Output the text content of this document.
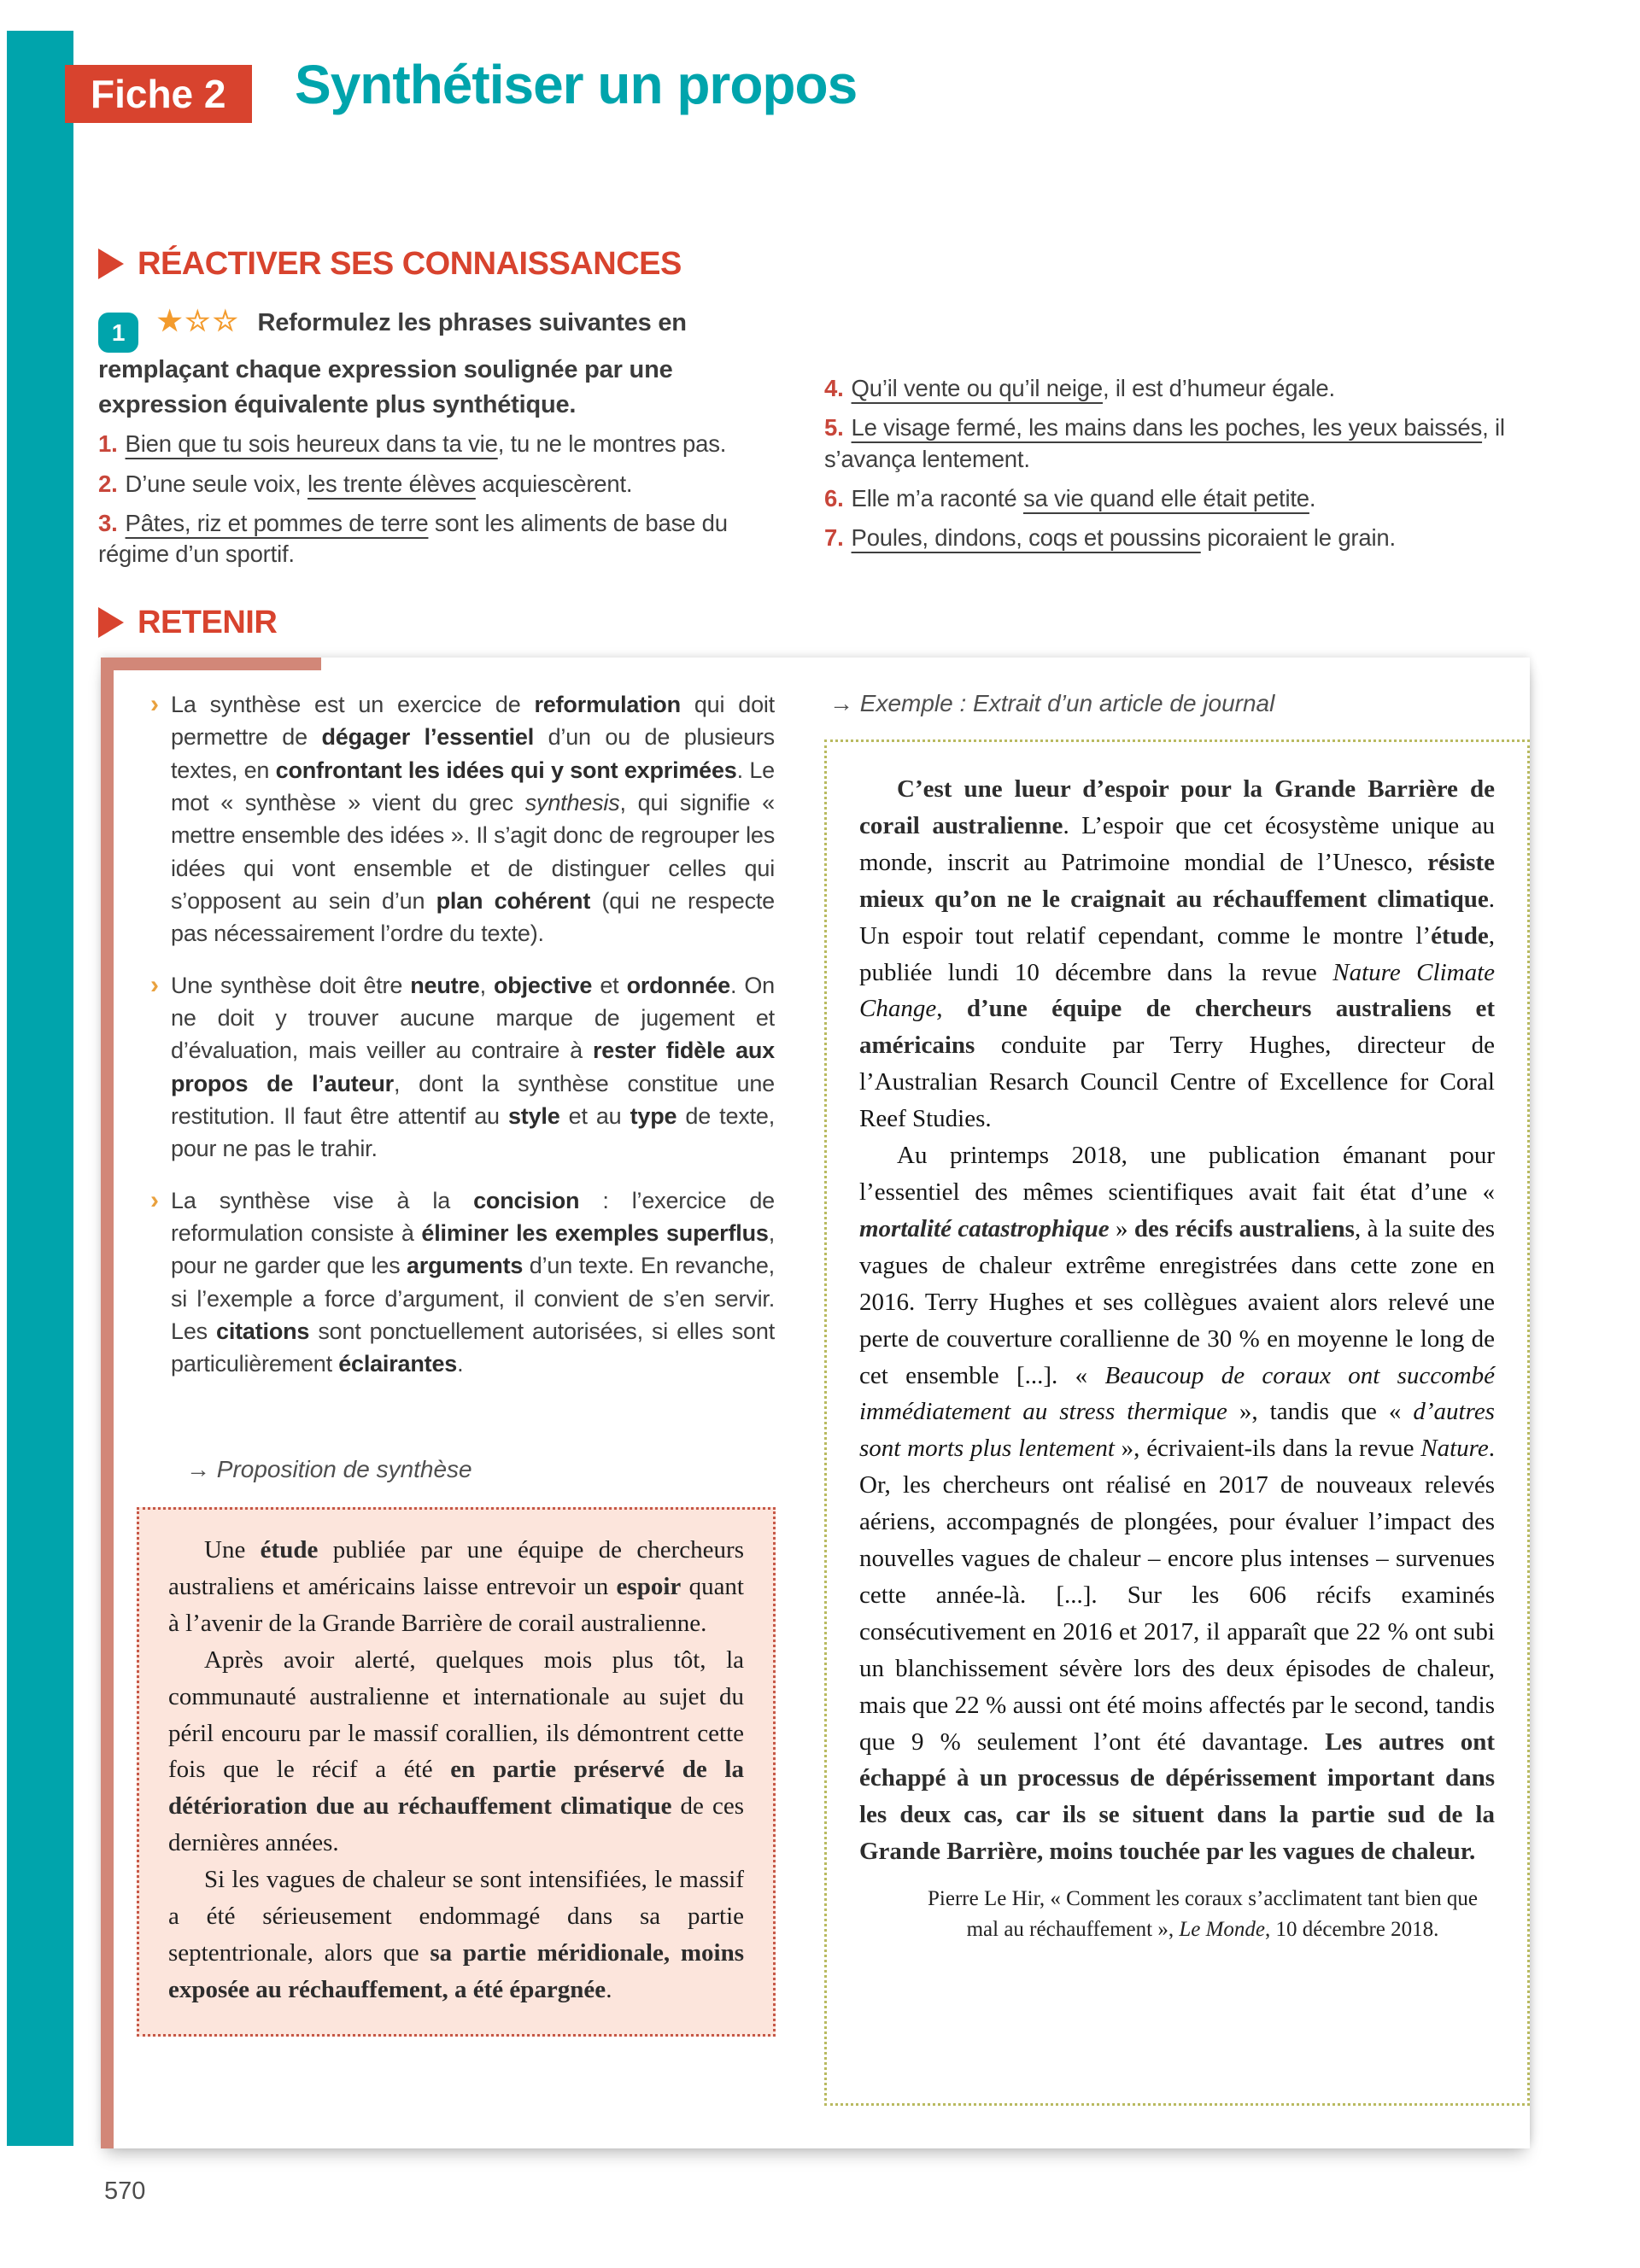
Fiche 2	Synthétiser un propos
RÉACTIVER SES CONNAISSANCES

1 ★☆☆ Reformulez les phrases suivantes en remplaçant chaque expression soulignée par une expression équivalente plus synthétique.

1. Bien que tu sois heureux dans ta vie, tu ne le montres pas.
2. D’une seule voix, les trente élèves acquiescèrent.
3. Pâtes, riz et pommes de terre sont les aliments de base du régime d’un sportif.
4. Qu’il vente ou qu’il neige, il est d’humeur égale.
5. Le visage fermé, les mains dans les poches, les yeux baissés, il s’avança lentement.
6. Elle m’a raconté sa vie quand elle était petite.
7. Poules, dindons, coqs et poussins picoraient le grain.
RETENIR
› La synthèse est un exercice de reformulation qui doit permettre de dégager l’essentiel d’un ou de plusieurs textes, en confrontant les idées qui y sont exprimées. Le mot « synthèse » vient du grec synthesis, qui signifie « mettre ensemble des idées ». Il s’agit donc de regrouper les idées qui vont ensemble et de distinguer celles qui s’opposent au sein d’un plan cohérent (qui ne respecte pas nécessairement l’ordre du texte).

› Une synthèse doit être neutre, objective et ordonnée. On ne doit y trouver aucune marque de jugement et d’évaluation, mais veiller au contraire à rester fidèle aux propos de l’auteur, dont la synthèse constitue une restitution. Il faut être attentif au style et au type de texte, pour ne pas le trahir.

› La synthèse vise à la concision : l’exercice de reformulation consiste à éliminer les exemples superflus, pour ne garder que les arguments d’un texte. En revanche, si l’exemple a force d’argument, il convient de s’en servir. Les citations sont ponctuellement autorisées, si elles sont particulièrement éclairantes.

→ Proposition de synthèse

Une étude publiée par une équipe de chercheurs australiens et américains laisse entrevoir un espoir quant à l’avenir de la Grande Barrière de corail australienne.

Après avoir alerté, quelques mois plus tôt, la communauté australienne et internationale au sujet du péril encouru par le massif corallien, ils démontrent cette fois que le récif a été en partie préservé de la détérioration due au réchauffement climatique de ces dernières années.

Si les vagues de chaleur se sont intensifiées, le massif a été sérieusement endommagé dans sa partie septentrionale, alors que sa partie méridionale, moins exposée au réchauffement, a été épargnée.

→ Exemple : Extrait d’un article de journal

C’est une lueur d’espoir pour la Grande Barrière de corail australienne. L’espoir que cet écosystème unique au monde, inscrit au Patrimoine mondial de l’Unesco, résiste mieux qu’on ne le craignait au réchauffement climatique. Un espoir tout relatif cependant, comme le montre l’étude, publiée lundi 10 décembre dans la revue Nature Climate Change, d’une équipe de chercheurs australiens et américains conduite par Terry Hughes, directeur de l’Australian Resarch Council Centre of Excellence for Coral Reef Studies.

Au printemps 2018, une publication émanant pour l’essentiel des mêmes scientifiques avait fait état d’une « mortalité catastrophique » des récifs australiens, à la suite des vagues de chaleur extrême enregistrées dans cette zone en 2016. Terry Hughes et ses collègues avaient alors relevé une perte de couverture corallienne de 30 % en moyenne le long de cet ensemble [...]. « Beaucoup de coraux ont succombé immédiatement au stress thermique », tandis que « d’autres sont morts plus lentement », écrivaient-ils dans la revue Nature. Or, les chercheurs ont réalisé en 2017 de nouveaux relevés aériens, accompagnés de plongées, pour évaluer l’impact des nouvelles vagues de chaleur – encore plus intenses – survenues cette année-là. [...]. Sur les 606 récifs examinés consécutivement en 2016 et 2017, il apparaît que 22 % ont subi un blanchissement sévère lors des deux épisodes de chaleur, mais que 22 % aussi ont été moins affectés par le second, tandis que 9 % seulement l’ont été davantage. Les autres ont échappé à un processus de dépérissement important dans les deux cas, car ils se situent dans la partie sud de la Grande Barrière, moins touchée par les vagues de chaleur.

Pierre Le Hir, « Comment les coraux s’acclimatent tant bien que mal au réchauffement », Le Monde, 10 décembre 2018.

570
